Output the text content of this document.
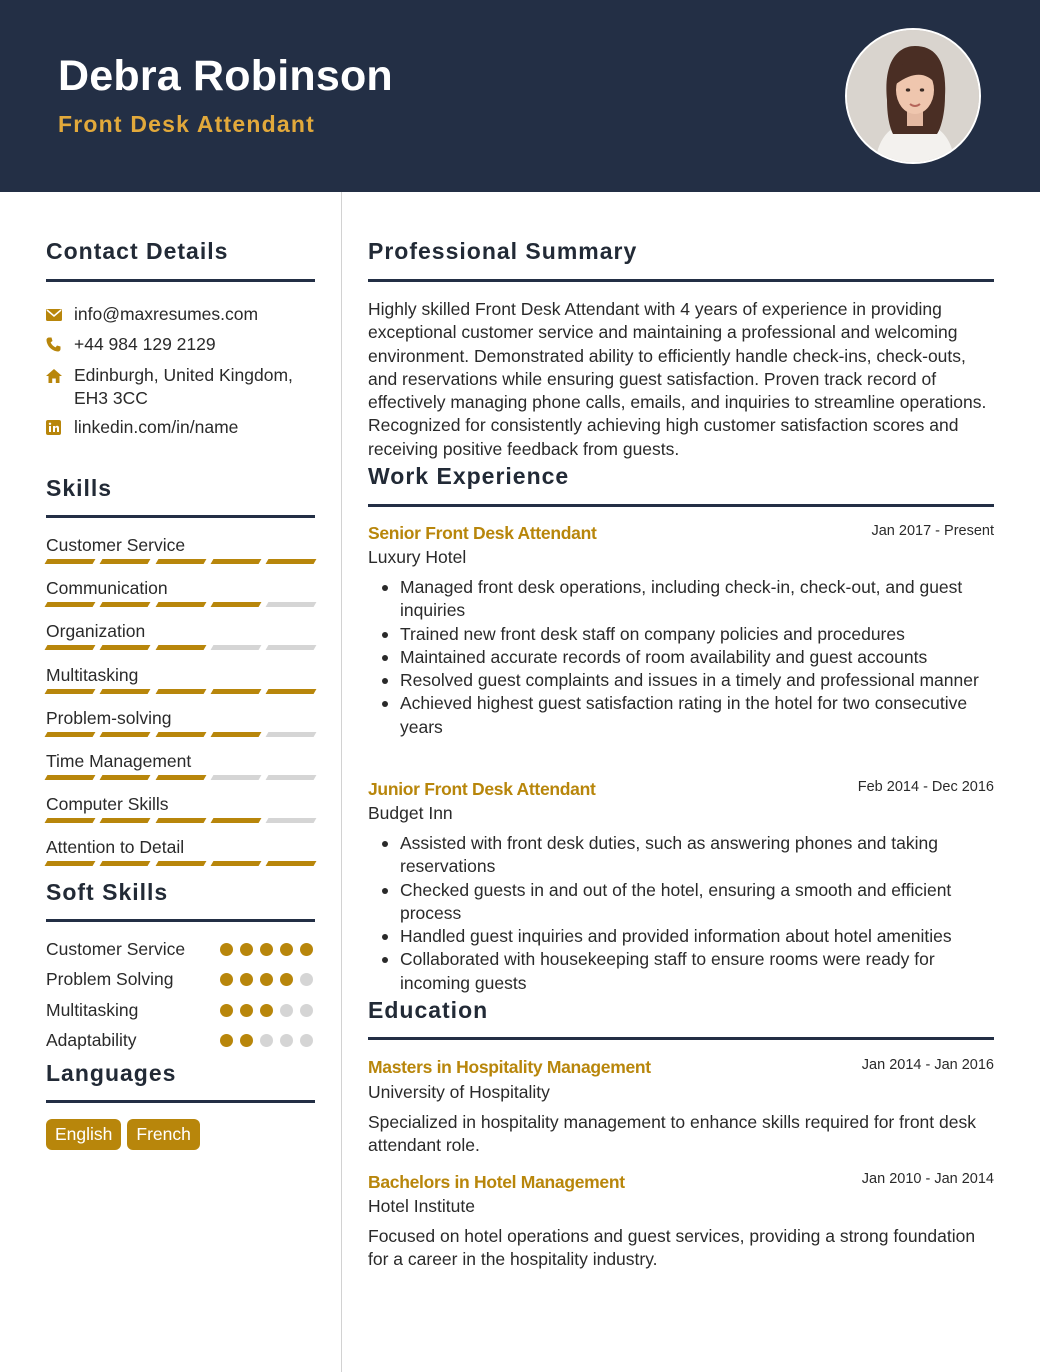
Debra Robinson
Front Desk Attendant
Contact Details
info@maxresumes.com
+44 984 129 2129
Edinburgh, United Kingdom,
EH3 3CC
linkedin.com/in/name
Skills
Customer Service
Communication
Organization
Multitasking
Problem-solving
Time Management
Computer Skills
Attention to Detail
Soft Skills
Customer Service
Problem Solving
Multitasking
Adaptability
Languages
English	French
Professional Summary
Highly skilled Front Desk Attendant with 4 years of experience in providing exceptional customer service and maintaining a professional and welcoming environment. Demonstrated ability to efficiently handle check-ins, check-outs, and reservations while ensuring guest satisfaction. Proven track record of effectively managing phone calls, emails, and inquiries to streamline operations. Recognized for consistently achieving high customer satisfaction scores and receiving positive feedback from guests.
Work Experience
Senior Front Desk Attendant	Jan 2017 - Present
Luxury Hotel
Managed front desk operations, including check-in, check-out, and guest inquiries
Trained new front desk staff on company policies and procedures
Maintained accurate records of room availability and guest accounts
Resolved guest complaints and issues in a timely and professional manner
Achieved highest guest satisfaction rating in the hotel for two consecutive years
Junior Front Desk Attendant	Feb 2014 - Dec 2016
Budget Inn
Assisted with front desk duties, such as answering phones and taking reservations
Checked guests in and out of the hotel, ensuring a smooth and efficient process
Handled guest inquiries and provided information about hotel amenities
Collaborated with housekeeping staff to ensure rooms were ready for incoming guests
Education
Masters in Hospitality Management	Jan 2014 - Jan 2016
University of Hospitality
Specialized in hospitality management to enhance skills required for front desk attendant role.
Bachelors in Hotel Management	Jan 2010 - Jan 2014
Hotel Institute
Focused on hotel operations and guest services, providing a strong foundation for a career in the hospitality industry.
